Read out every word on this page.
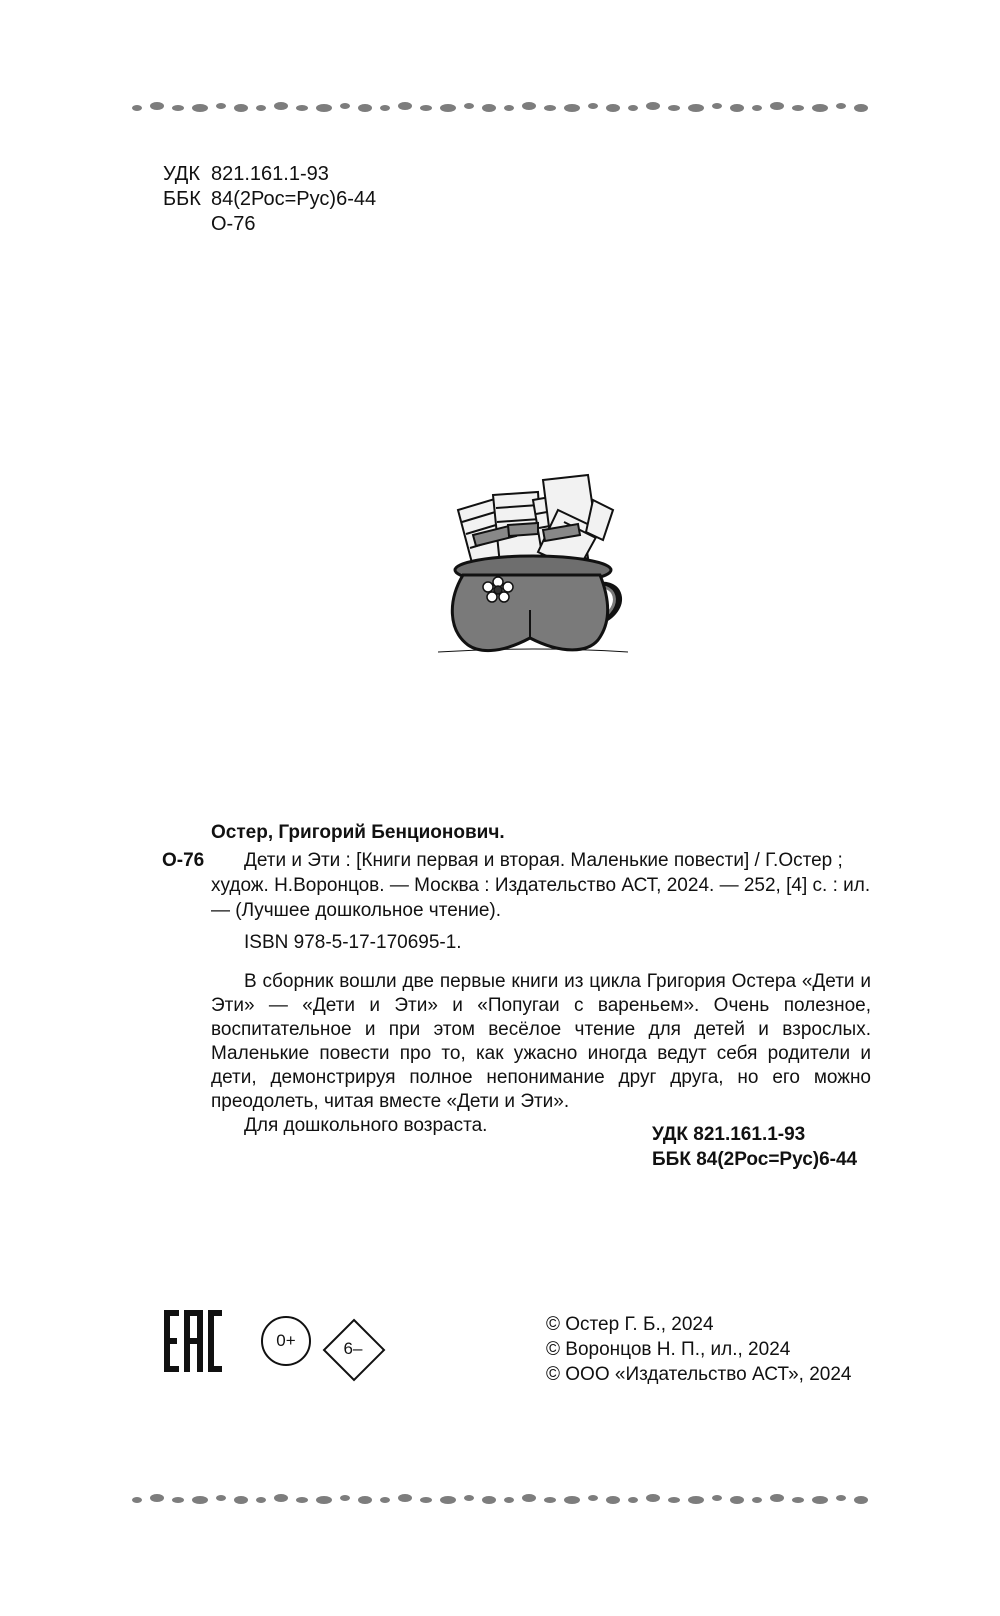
УДК 821.161.1-93
ББК 84(2Рос=Рус)6-44
О-76
Остер, Григорий Бенционович.
О-76	Дети и Эти : [Книги первая и вторая. Маленькие повести] / Г.Остер ; худож. Н.Воронцов. — Москва : Издательство АСТ, 2024. — 252, [4] с. : ил. — (Лучшее дошкольное чтение).
ISBN 978-5-17-170695-1.

В сборник вошли две первые книги из цикла Григория Остера «Дети и Эти» — «Дети и Эти» и «Попугаи с вареньем». Очень полезное, воспитательное и при этом весёлое чтение для детей и взрослых. Маленькие повести про то, как ужасно иногда ведут себя родители и дети, демонстрируя полное непонимание друг друга, но его можно преодолеть, читая вместе «Дети и Эти».

Для дошкольного возраста.	УДК 821.161.1-93
ББК 84(2Рос=Рус)6-44
0+	6–
© Остер Г. Б., 2024
© Воронцов Н. П., ил., 2024
© ООО «Издательство АСТ», 2024
